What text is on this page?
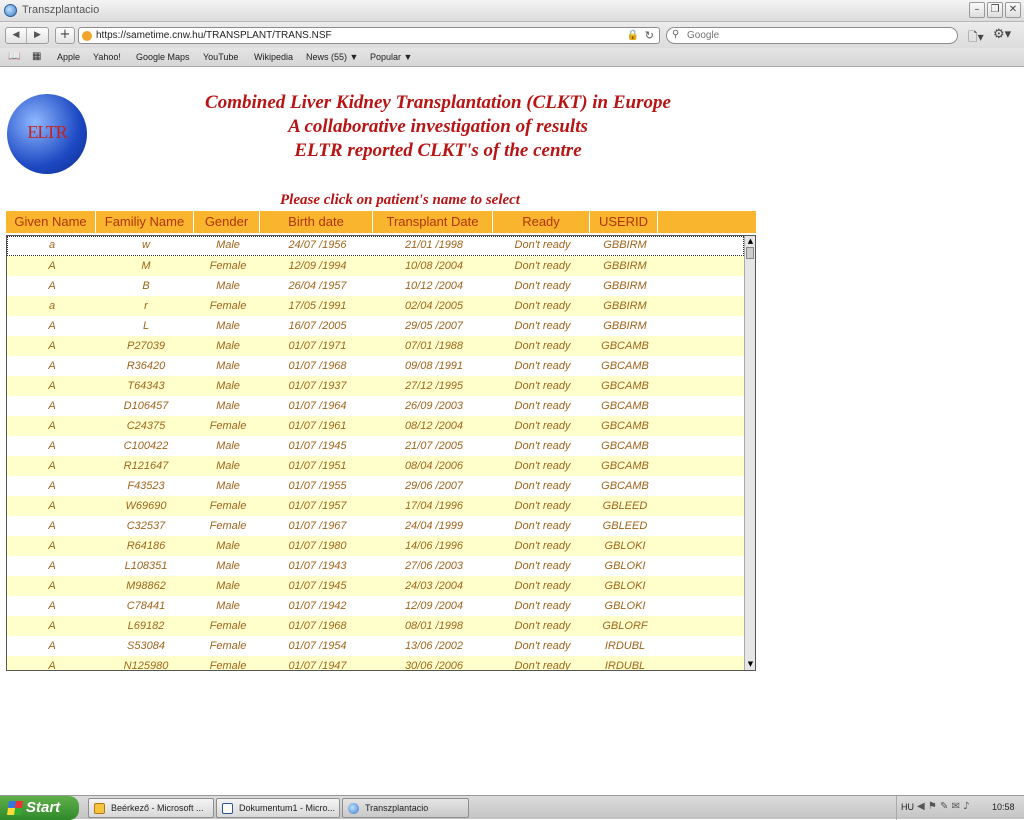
Transzplantacio	–	❐ ✕
◀	▶	+	https://sametime.cnw.hu/TRANSPLANT/TRANS.NSF	🔒 ↻ ⚲
Google	🗋▾ ⚙▾
📖 ▦ Apple Yahoo! Google Maps YouTube Wikipedia News (55) ▼ Popular ▼
ELTR
Combined Liver Kidney Transplantation (CLKT) in Europe
A collaborative investigation of results
ELTR reported CLKT's of the centre
Please click on patient's name to select
Given Name	Familiy Name	Gender	Birth date	Transplant Date	Ready	USERID
a	w	Male	24/07 /1956	21/01 /1998	Don't ready	GBBIRM
A	M	Female	12/09 /1994	10/08 /2004	Don't ready	GBBIRM
A	B	Male	26/04 /1957	10/12 /2004	Don't ready	GBBIRM
a	r	Female	17/05 /1991	02/04 /2005	Don't ready	GBBIRM
A	L	Male	16/07 /2005	29/05 /2007	Don't ready	GBBIRM
A	P27039	Male	01/07 /1971	07/01 /1988	Don't ready	GBCAMB
A	R36420	Male	01/07 /1968	09/08 /1991	Don't ready	GBCAMB
A	T64343	Male	01/07 /1937	27/12 /1995	Don't ready	GBCAMB
A	D106457	Male	01/07 /1964	26/09 /2003	Don't ready	GBCAMB
A	C24375	Female	01/07 /1961	08/12 /2004	Don't ready	GBCAMB
A	C100422	Male	01/07 /1945	21/07 /2005	Don't ready	GBCAMB
A	R121647	Male	01/07 /1951	08/04 /2006	Don't ready	GBCAMB
A	F43523	Male	01/07 /1955	29/06 /2007	Don't ready	GBCAMB
A	W69690	Female	01/07 /1957	17/04 /1996	Don't ready	GBLEED
A	C32537	Female	01/07 /1967	24/04 /1999	Don't ready	GBLEED
A	R64186	Male	01/07 /1980	14/06 /1996	Don't ready	GBLOKI
A	L108351	Male	01/07 /1943	27/06 /2003	Don't ready	GBLOKI
A	M98862	Male	01/07 /1945	24/03 /2004	Don't ready	GBLOKI
A	C78441	Male	01/07 /1942	12/09 /2004	Don't ready	GBLOKI
A	L69182	Female	01/07 /1968	08/01 /1998	Don't ready	GBLORF
A	S53084	Female	01/07 /1954	13/06 /2002	Don't ready	IRDUBL
A	N125980	Female	01/07 /1947	30/06 /2006	Don't ready	IRDUBL
▲
▼
Start	Beérkező - Microsoft ...	Dokumentum1 - Micro...	Transzplantacio	HU ◀ ⚑ ✎ ✉ ♪ 10:58
